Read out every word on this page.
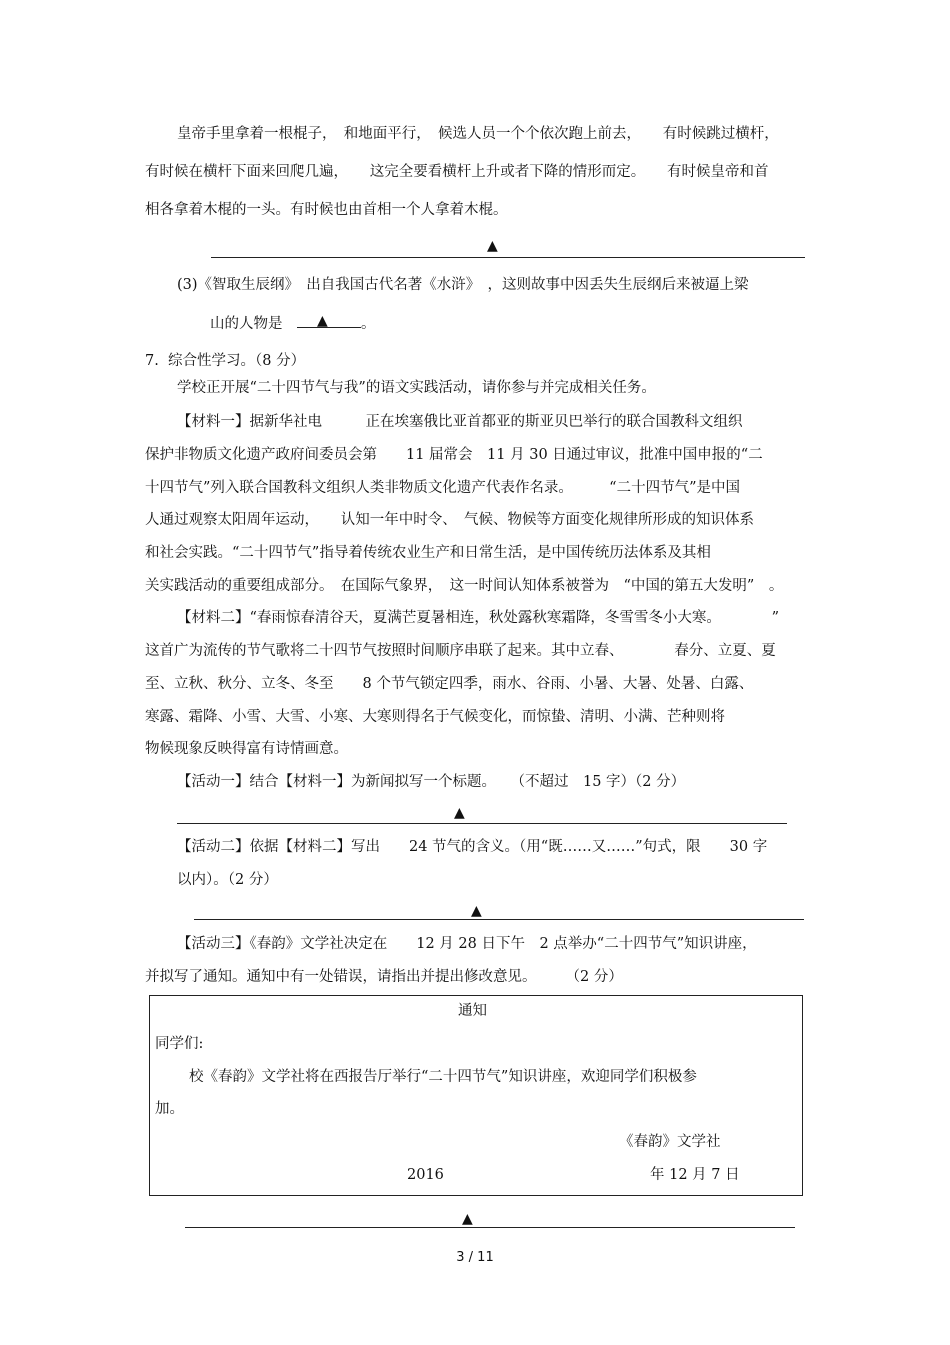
皇帝手里拿着一根棍子，　和地面平行，　候选人员一个个依次跑上前去，　　有时候跳过横杆，
有时候在横杆下面来回爬几遍，　　这完全要看横杆上升或者下降的情形而定。　　有时候皇帝和首
相各拿着木棍的一头。有时候也由首相一个人拿着木棍。
▲
(3)《智取生辰纲》　出自我国古代名著《水浒》　，这则故事中因丢失生辰纲后来被逼上梁
山的人物是　 ▲ 。
7.  综合性学习。（8 分）
学校正开展“二十四节气与我”的语文实践活动，请你参与并完成相关任务。
【材料一】据新华社电　　　正在埃塞俄比亚首都亚的斯亚贝巴举行的联合国教科文组织
保护非物质文化遗产政府间委员会第　　11 届常会　11 月 30 日通过审议，批准中国申报的“二
十四节气”列入联合国教科文组织人类非物质文化遗产代表作名录。　　　“二十四节气”是中国
人通过观察太阳周年运动，　　认知一年中时令、　气候、物候等方面变化规律所形成的知识体系
和社会实践。“二十四节气”指导着传统农业生产和日常生活，是中国传统历法体系及其相
关实践活动的重要组成部分。　在国际气象界，　这一时间认知体系被誉为　“中国的第五大发明”　。
【材料二】“春雨惊春清谷天，夏满芒夏暑相连，秋处露秋寒霜降，冬雪雪冬小大寒。　　　　”
这首广为流传的节气歌将二十四节气按照时间顺序串联了起来。其中立春、　　　　春分、立夏、夏
至、立秋、秋分、立冬、冬至　　8 个节气锁定四季，雨水、谷雨、小暑、大暑、处暑、白露、
寒露、霜降、小雪、大雪、小寒、大寒则得名于气候变化，而惊蛰、清明、小满、芒种则将
物候现象反映得富有诗情画意。
【活动一】结合【材料一】为新闻拟写一个标题。　　（不超过　15 字）（2 分）
▲
【活动二】依据【材料二】写出　　24 节气的含义。（用“既……又……”句式，限　　30 字
以内）。（2 分）
▲
【活动三】《春韵》文学社决定在　　12 月 28 日下午　2 点举办“二十四节气”知识讲座，
并拟写了通知。通知中有一处错误，请指出并提出修改意见。　　　（2 分）
通知
同学们:
校《春韵》文学社将在西报告厅举行“二十四节气”知识讲座，欢迎同学们积极参
加。
《春韵》文学社
2016	年 12 月 7 日
▲
3 / 11
